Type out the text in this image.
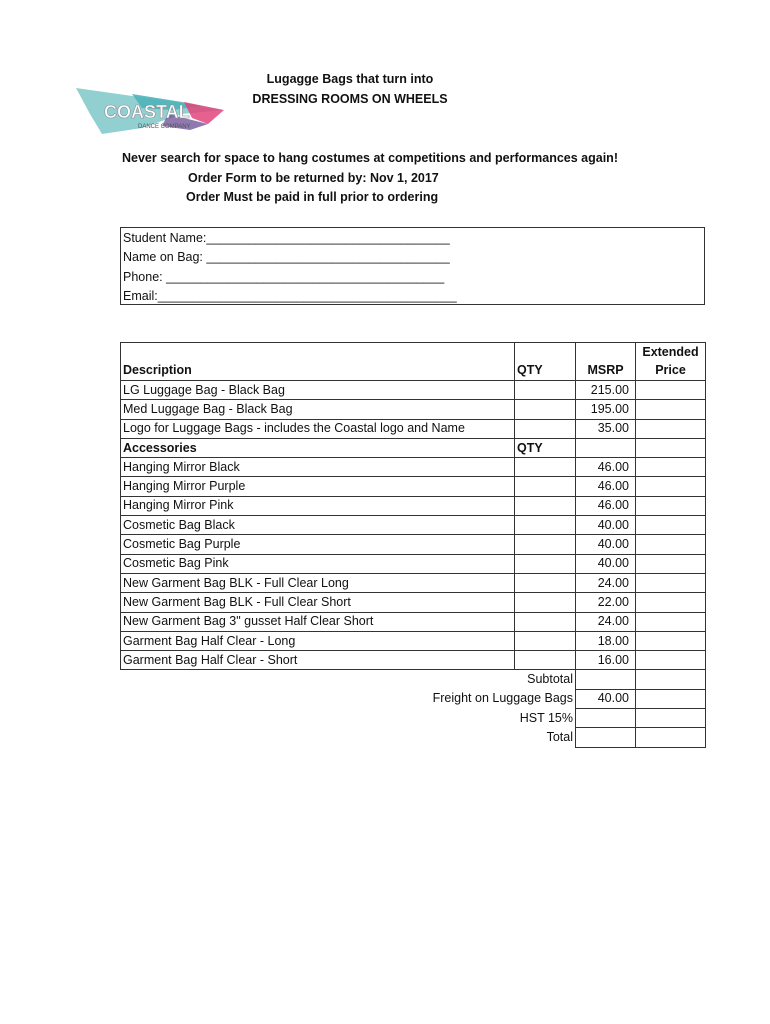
COASTAL
DANCE COMPANY
Lugagge Bags that turn into
DRESSING ROOMS ON WHEELS
Never search for space to hang costumes at competitions and performances again!
Order Form to be returned by: Nov 1, 2017
Order Must be paid in full prior to ordering
Student Name:___________________________________
Name on Bag: ___________________________________
Phone: ________________________________________
Email:___________________________________________
			Extended
Description	QTY	MSRP	Price
LG Luggage Bag - Black Bag		215.00	
Med Luggage Bag - Black Bag		195.00	
Logo for Luggage Bags - includes the Coastal logo and Name		35.00	
Accessories	QTY		
Hanging Mirror Black		46.00	
Hanging Mirror Purple		46.00	
Hanging Mirror Pink		46.00	
Cosmetic Bag Black		40.00	
Cosmetic Bag Purple		40.00	
Cosmetic Bag Pink		40.00	
New Garment Bag BLK - Full Clear Long		24.00	
New Garment Bag BLK - Full Clear Short		22.00	
New Garment Bag 3" gusset Half Clear Short		24.00	
Garment Bag Half Clear - Long		18.00	
Garment Bag Half Clear - Short		16.00	
Subtotal			
Freight on Luggage Bags		40.00	
HST 15%			
Total			
